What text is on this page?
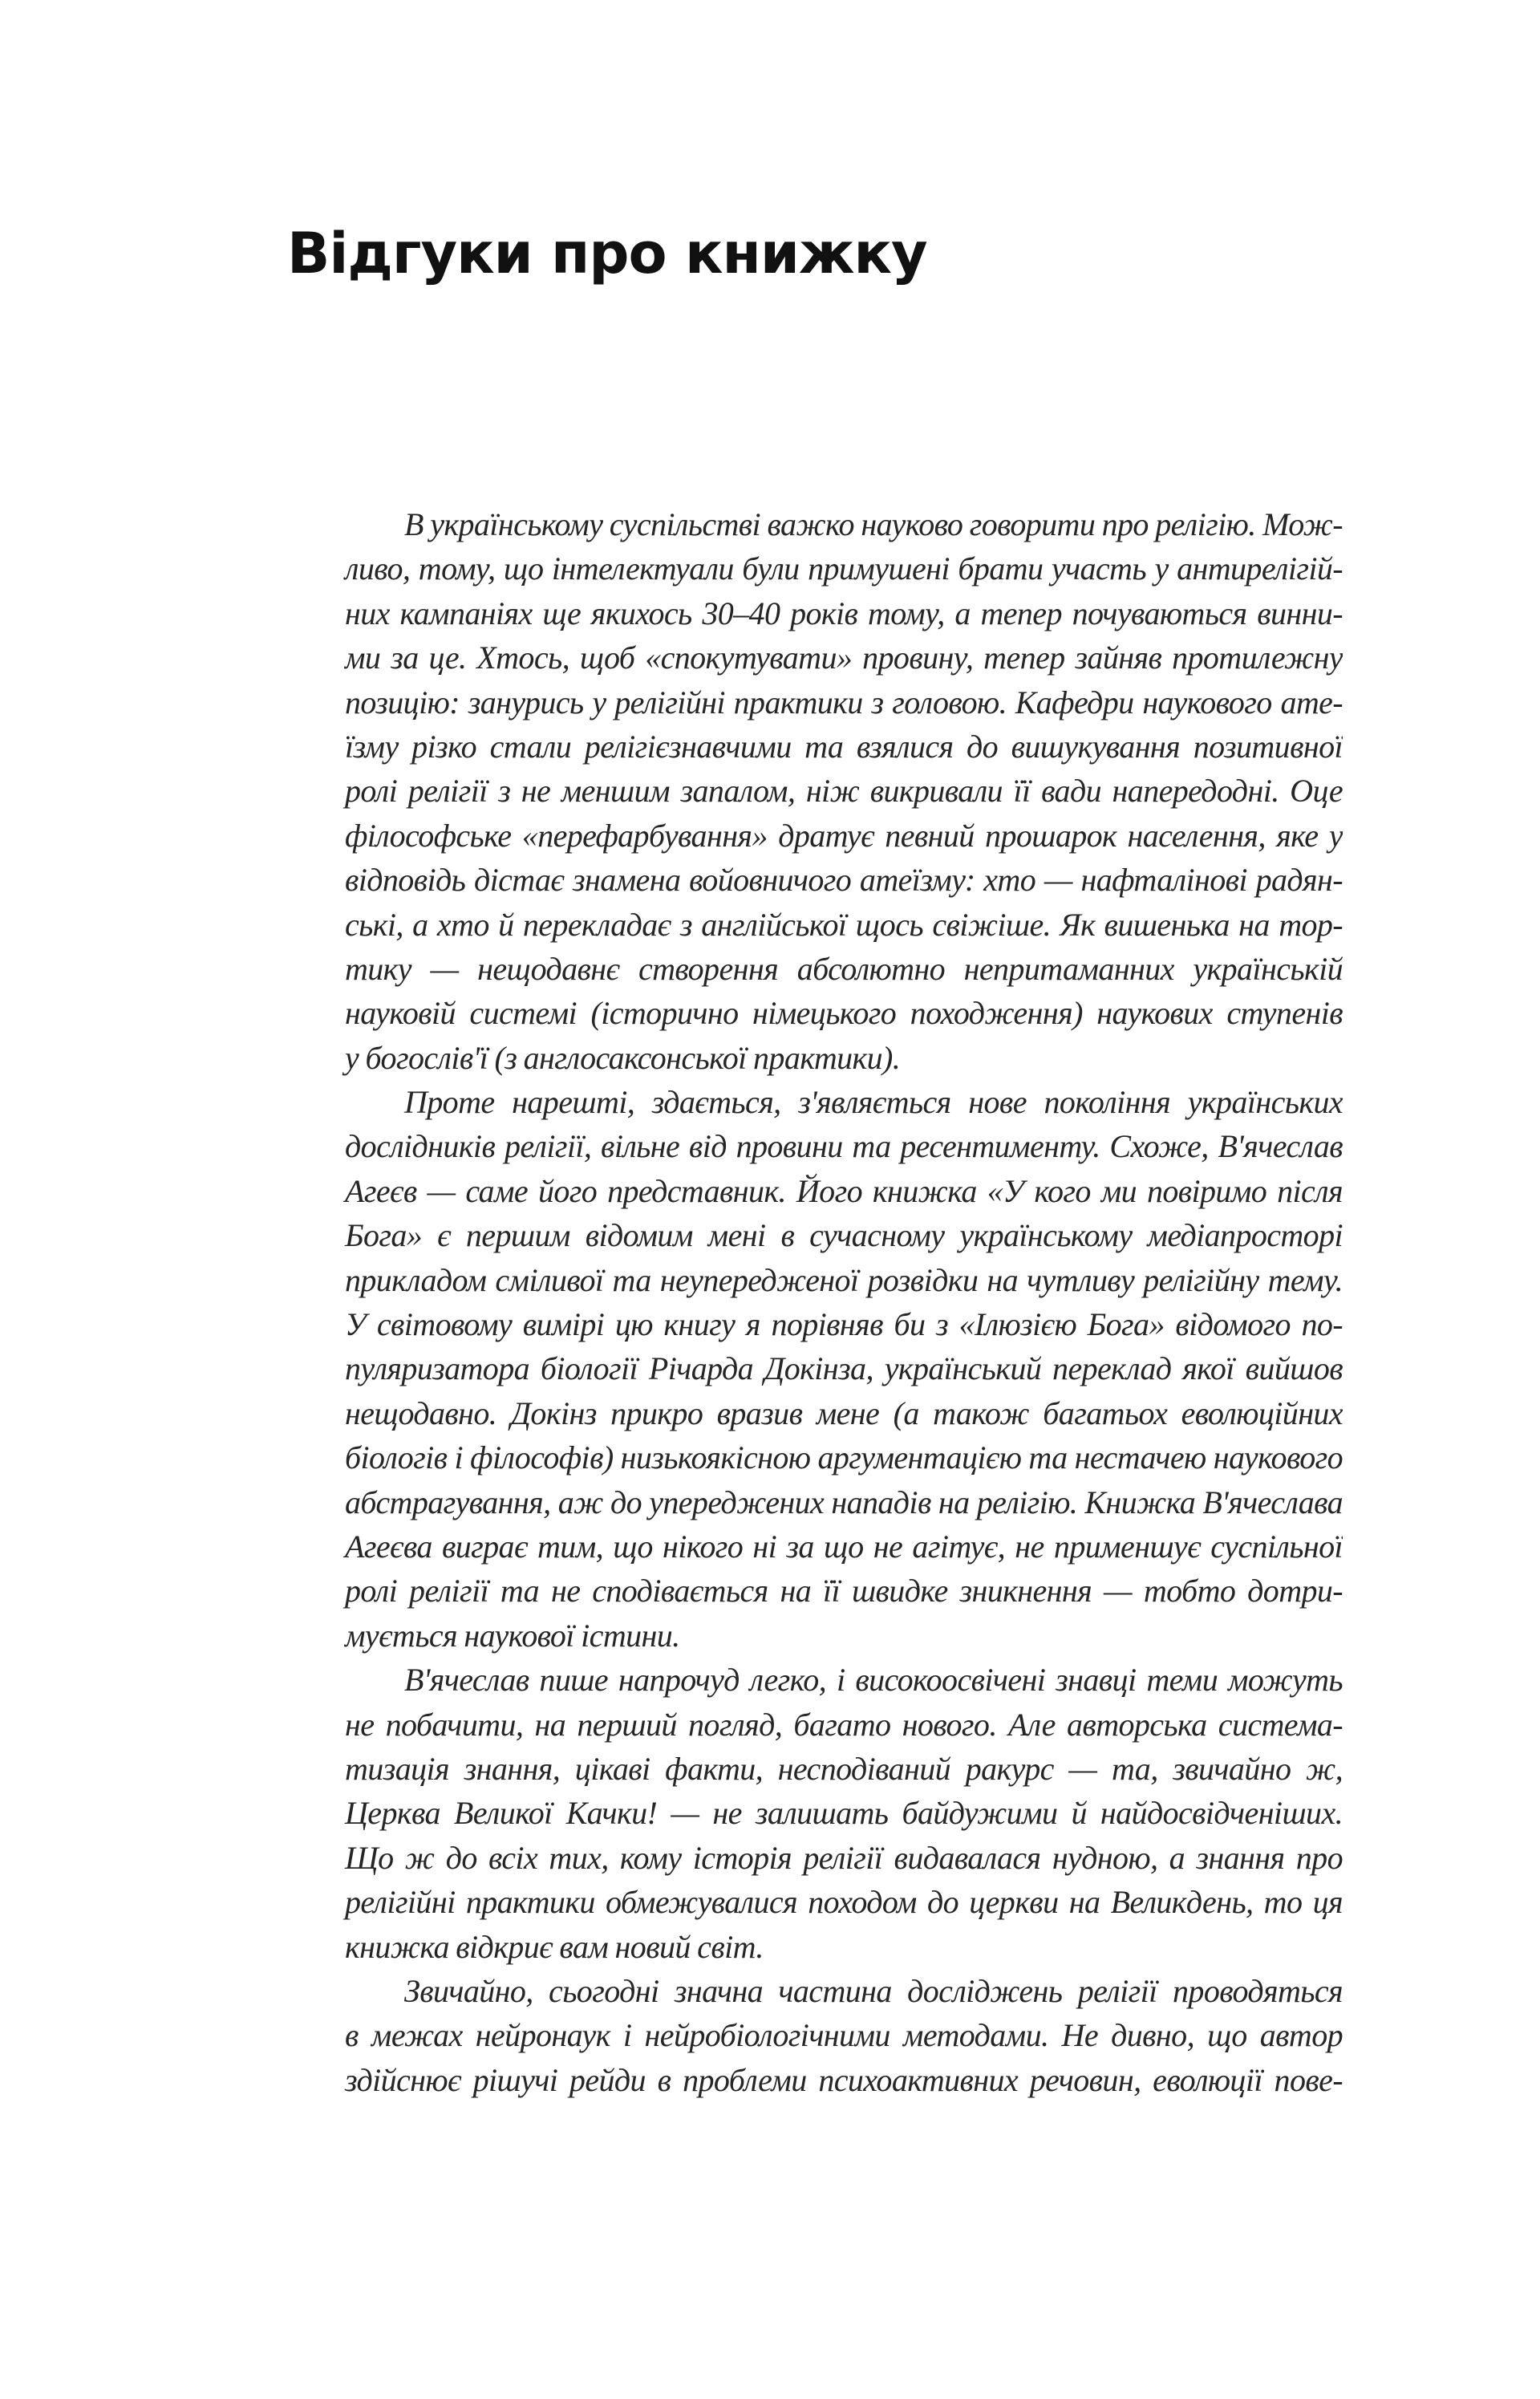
Відгуки про книжку
В українському суспільстві важко науково говорити про релігію. Мож-
ливо, тому, що інтелектуали були примушені брати участь у антирелігій-
них кампаніях ще якихось 30–40 років тому, а тепер почуваються винни-
ми за це. Хтось, щоб «спокутувати» провину, тепер зайняв протилежну
позицію: занурись у релігійні практики з головою. Кафедри наукового ате-
їзму різко стали релігієзнавчими та взялися до вишукування позитивної
ролі релігії з не меншим запалом, ніж викривали її вади напередодні. Оце
філософське «перефарбування» дратує певний прошарок населення, яке у
відповідь дістає знамена войовничого атеїзму: хто — нафталінові радян-
ські, а хто й перекладає з англійської щось свіжіше. Як вишенька на тор-
тику — нещодавнє створення абсолютно непритаманних українській
науковій системі (історично німецького походження) наукових ступенів
у богослів'ї (з англосаксонської практики).
Проте нарешті, здається, з'являється нове покоління українських
дослідників релігії, вільне від провини та ресентименту. Схоже, В'ячеслав
Агеєв — саме його представник. Його книжка «У кого ми повіримо після
Бога» є першим відомим мені в сучасному українському медіапросторі
прикладом сміливої та неупередженої розвідки на чутливу релігійну тему.
У світовому вимірі цю книгу я порівняв би з «Ілюзією Бога» відомого по-
пуляризатора біології Річарда Докінза, український переклад якої вийшов
нещодавно. Докінз прикро вразив мене (а також багатьох еволюційних
біологів і філософів) низькоякісною аргументацією та нестачею наукового
абстрагування, аж до упереджених нападів на релігію. Книжка В'ячеслава
Агеєва виграє тим, що нікого ні за що не агітує, не применшує суспільної
ролі релігії та не сподівається на її швидке зникнення — тобто дотри-
мується наукової істини.
В'ячеслав пише напрочуд легко, і високоосвічені знавці теми можуть
не побачити, на перший погляд, багато нового. Але авторська системa-
тизація знання, цікаві факти, несподіваний ракурс — та, звичайно ж,
Церква Великої Качки! — не залишать байдужими й найдосвідченіших.
Що ж до всіх тих, кому історія релігії видавалася нудною, а знання про
релігійні практики обмежувалися походом до церкви на Великдень, то ця
книжка відкриє вам новий світ.
Звичайно, сьогодні значна частина досліджень релігії проводяться
в межах нейронаук і нейробіологічними методами. Не дивно, що автор
здійснює рішучі рейди в проблеми психоактивних речовин, еволюції пове-
